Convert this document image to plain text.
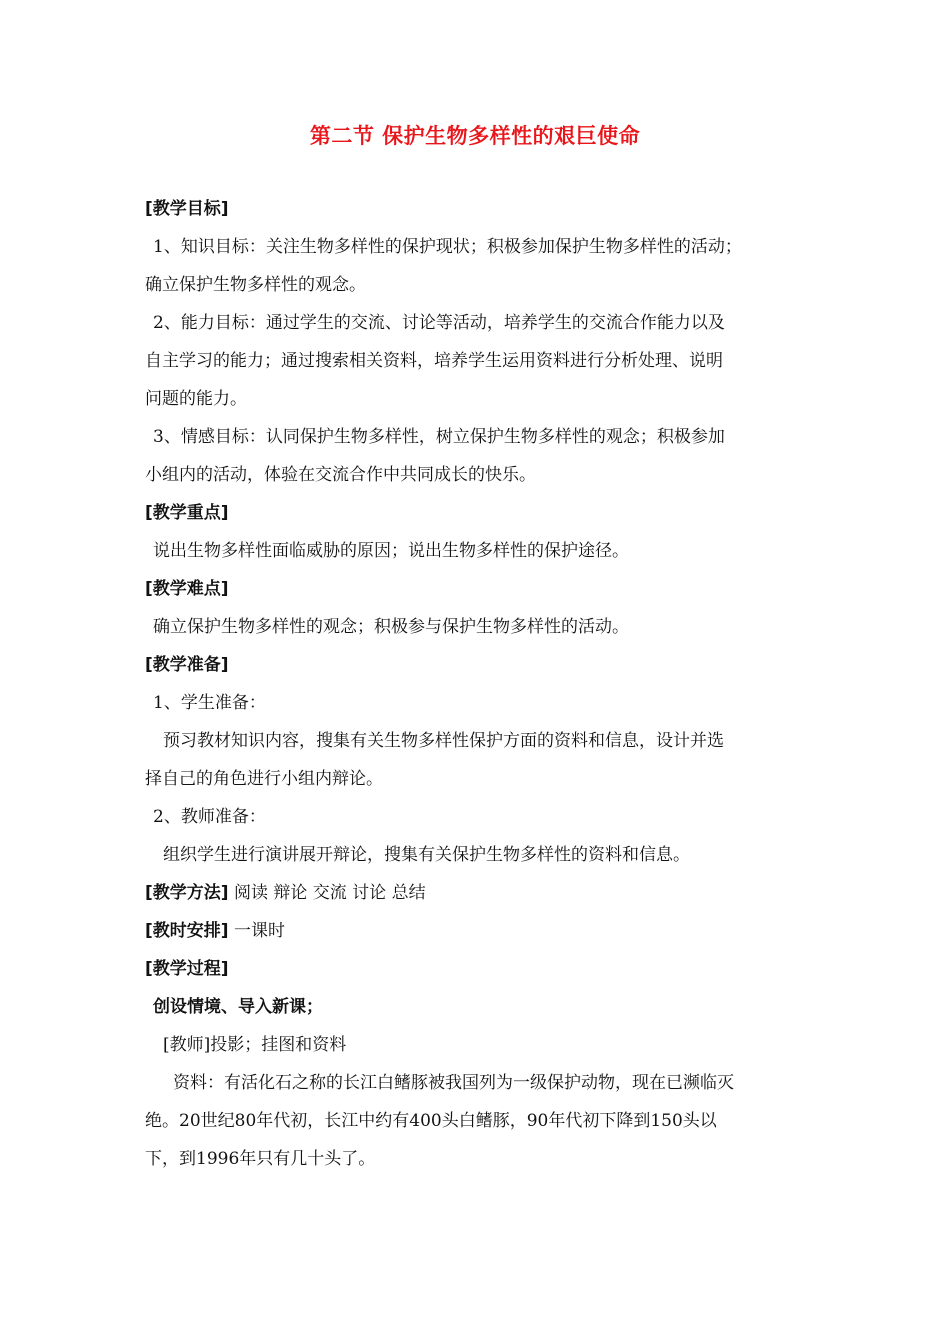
第二节 保护生物多样性的艰巨使命

[教学目标]

1、知识目标：关注生物多样性的保护现状；积极参加保护生物多样性的活动；

确立保护生物多样性的观念。

2、能力目标：通过学生的交流、讨论等活动，培养学生的交流合作能力以及

自主学习的能力；通过搜索相关资料，培养学生运用资料进行分析处理、说明

问题的能力。

3、情感目标：认同保护生物多样性，树立保护生物多样性的观念；积极参加

小组内的活动，体验在交流合作中共同成长的快乐。

[教学重点]

说出生物多样性面临威胁的原因；说出生物多样性的保护途径。

[教学难点]

确立保护生物多样性的观念；积极参与保护生物多样性的活动。

[教学准备]

1、学生准备：

预习教材知识内容，搜集有关生物多样性保护方面的资料和信息，设计并选

择自己的角色进行小组内辩论。

2、教师准备：

组织学生进行演讲展开辩论，搜集有关保护生物多样性的资料和信息。

[教学方法] 阅读 辩论 交流 讨论 总结

[教时安排] 一课时

[教学过程]

创设情境、导入新课；

[教师]投影；挂图和资料

资料：有活化石之称的长江白鳍豚被我国列为一级保护动物，现在已濒临灭

绝。20世纪80年代初，长江中约有400头白鳍豚，90年代初下降到150头以

下，到1996年只有几十头了。
